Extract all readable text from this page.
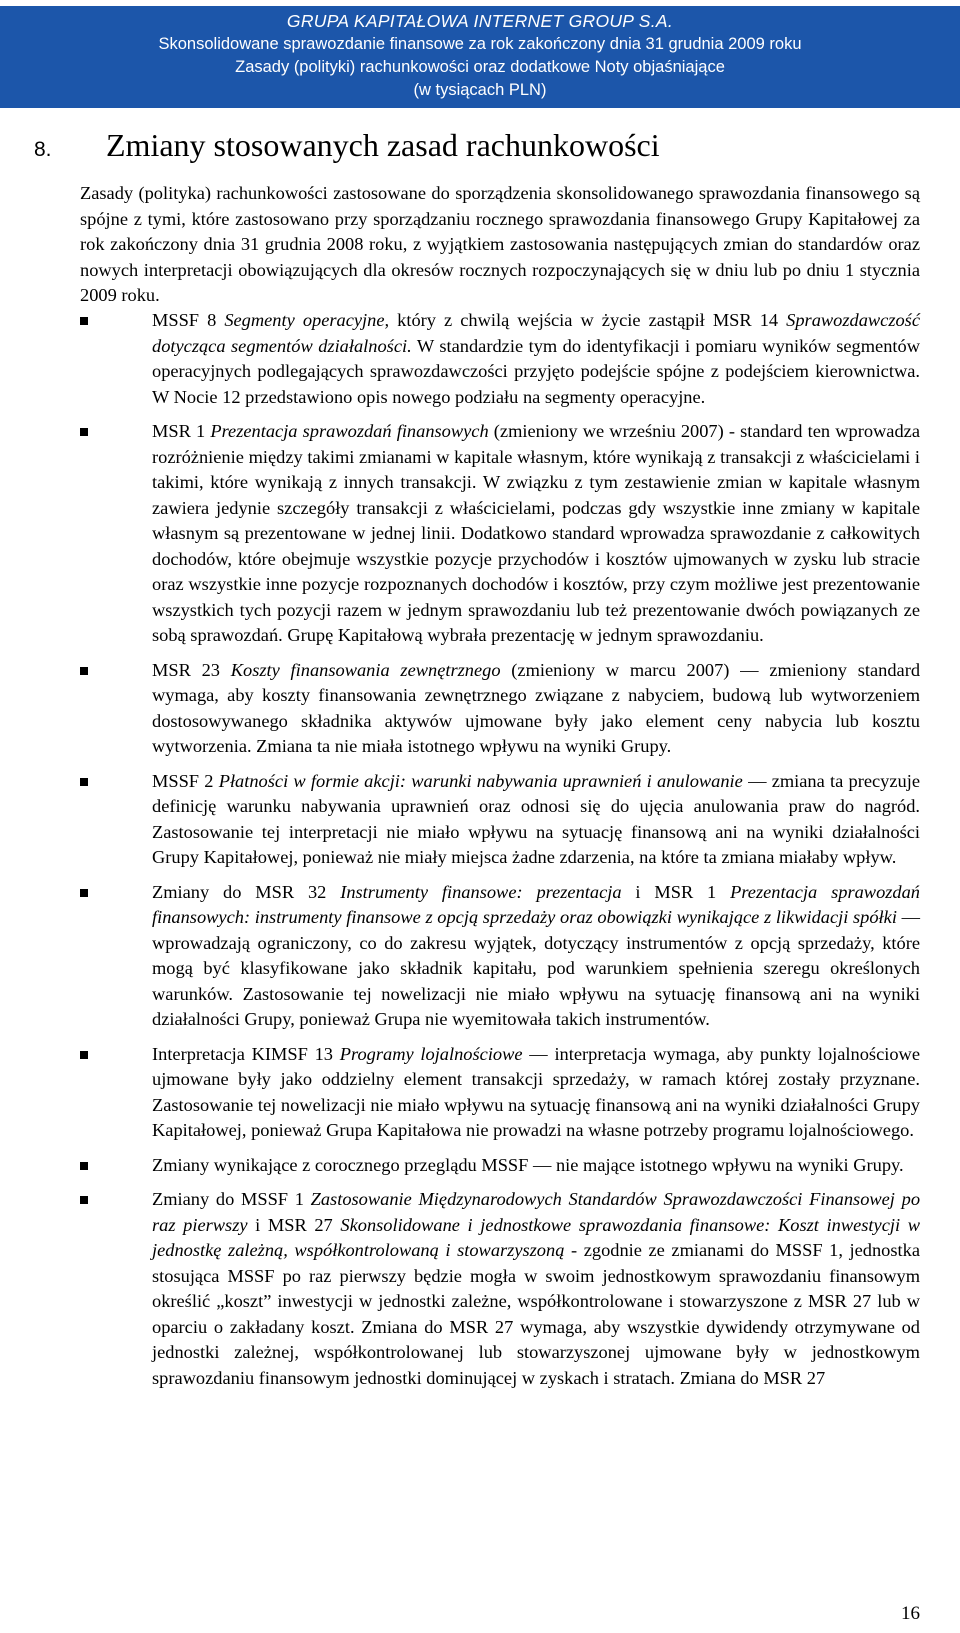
GRUPA KAPITAŁOWA INTERNET GROUP S.A.
Skonsolidowane sprawozdanie finansowe za rok zakończony dnia 31 grudnia 2009 roku
Zasady (polityki) rachunkowości oraz dodatkowe Noty objaśniające
(w tysiącach PLN)
8. Zmiany stosowanych zasad rachunkowości
Zasady (polityka) rachunkowości zastosowane do sporządzenia skonsolidowanego sprawozdania finansowego są spójne z tymi, które zastosowano przy sporządzaniu rocznego sprawozdania finansowego Grupy Kapitałowej za rok zakończony dnia 31 grudnia 2008 roku, z wyjątkiem zastosowania następujących zmian do standardów oraz nowych interpretacji obowiązujących dla okresów rocznych rozpoczynających się w dniu lub po dniu 1 stycznia 2009 roku.
MSSF 8 Segmenty operacyjne, który z chwilą wejścia w życie zastąpił MSR 14 Sprawozdawczość dotycząca segmentów działalności. W standardzie tym do identyfikacji i pomiaru wyników segmentów operacyjnych podlegających sprawozdawczości przyjęto podejście spójne z podejściem kierownictwa. W Nocie 12 przedstawiono opis nowego podziału na segmenty operacyjne.
MSR 1 Prezentacja sprawozdań finansowych (zmieniony we wrześniu 2007) - standard ten wprowadza rozróżnienie między takimi zmianami w kapitale własnym, które wynikają z transakcji z właścicielami i takimi, które wynikają z innych transakcji. W związku z tym zestawienie zmian w kapitale własnym zawiera jedynie szczegóły transakcji z właścicielami, podczas gdy wszystkie inne zmiany w kapitale własnym są prezentowane w jednej linii. Dodatkowo standard wprowadza sprawozdanie z całkowitych dochodów, które obejmuje wszystkie pozycje przychodów i kosztów ujmowanych w zysku lub stracie oraz wszystkie inne pozycje rozpoznanych dochodów i kosztów, przy czym możliwe jest prezentowanie wszystkich tych pozycji razem w jednym sprawozdaniu lub też prezentowanie dwóch powiązanych ze sobą sprawozdań. Grupę Kapitałową wybrała prezentację w jednym sprawozdaniu.
MSR 23 Koszty finansowania zewnętrznego (zmieniony w marcu 2007) — zmieniony standard wymaga, aby koszty finansowania zewnętrznego związane z nabyciem, budową lub wytworzeniem dostosowywanego składnika aktywów ujmowane były jako element ceny nabycia lub kosztu wytworzenia. Zmiana ta nie miała istotnego wpływu na wyniki Grupy.
MSSF 2 Płatności w formie akcji: warunki nabywania uprawnień i anulowanie — zmiana ta precyzuje definicję warunku nabywania uprawnień oraz odnosi się do ujęcia anulowania praw do nagród. Zastosowanie tej interpretacji nie miało wpływu na sytuację finansową ani na wyniki działalności Grupy Kapitałowej, ponieważ nie miały miejsca żadne zdarzenia, na które ta zmiana miałaby wpływ.
Zmiany do MSR 32 Instrumenty finansowe: prezentacja i MSR 1 Prezentacja sprawozdań finansowych: instrumenty finansowe z opcją sprzedaży oraz obowiązki wynikające z likwidacji spółki — wprowadzają ograniczony, co do zakresu wyjątek, dotyczący instrumentów z opcją sprzedaży, które mogą być klasyfikowane jako składnik kapitału, pod warunkiem spełnienia szeregu określonych warunków. Zastosowanie tej nowelizacji nie miało wpływu na sytuację finansową ani na wyniki działalności Grupy, ponieważ Grupa nie wyemitowała takich instrumentów.
Interpretacja KIMSF 13 Programy lojalnościowe — interpretacja wymaga, aby punkty lojalnościowe ujmowane były jako oddzielny element transakcji sprzedaży, w ramach której zostały przyznane. Zastosowanie tej nowelizacji nie miało wpływu na sytuację finansową ani na wyniki działalności Grupy Kapitałowej, ponieważ Grupa Kapitałowa nie prowadzi na własne potrzeby programu lojalnościowego.
Zmiany wynikające z corocznego przeglądu MSSF — nie mające istotnego wpływu na wyniki Grupy.
Zmiany do MSSF 1 Zastosowanie Międzynarodowych Standardów Sprawozdawczości Finansowej po raz pierwszy i MSR 27 Skonsolidowane i jednostkowe sprawozdania finansowe: Koszt inwestycji w jednostkę zależną, współkontrolowaną i stowarzyszoną - zgodnie ze zmianami do MSSF 1, jednostka stosująca MSSF po raz pierwszy będzie mogła w swoim jednostkowym sprawozdaniu finansowym określić „koszt” inwestycji w jednostki zależne, współkontrolowane i stowarzyszone z MSR 27 lub w oparciu o zakładany koszt. Zmiana do MSR 27 wymaga, aby wszystkie dywidendy otrzymywane od jednostki zależnej, współkontrolowanej lub stowarzyszonej ujmowane były w jednostkowym sprawozdaniu finansowym jednostki dominującej w zyskach i stratach. Zmiana do MSR 27
16
